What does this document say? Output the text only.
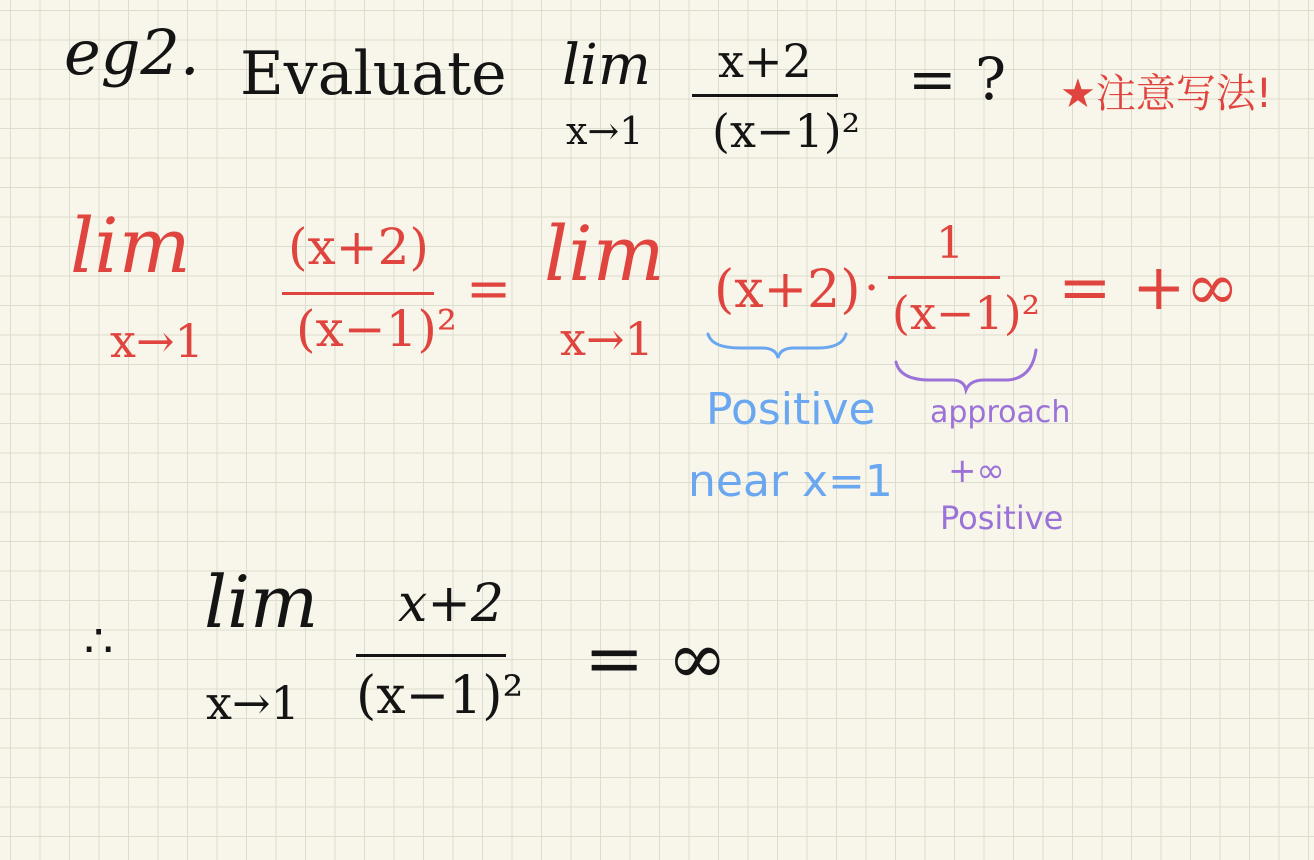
eg2. Evaluate lim
x→1
x+2
(x−1)²
= ? ★注意写法!
lim
x→1
(x+2)
(x−1)²
= lim
x→1
(x+2) ·
1
(x−1)² = +∞
Positive
near x=1
approach
+∞
Positive
∴ lim
x→1
x+2
(x−1)² = ∞
